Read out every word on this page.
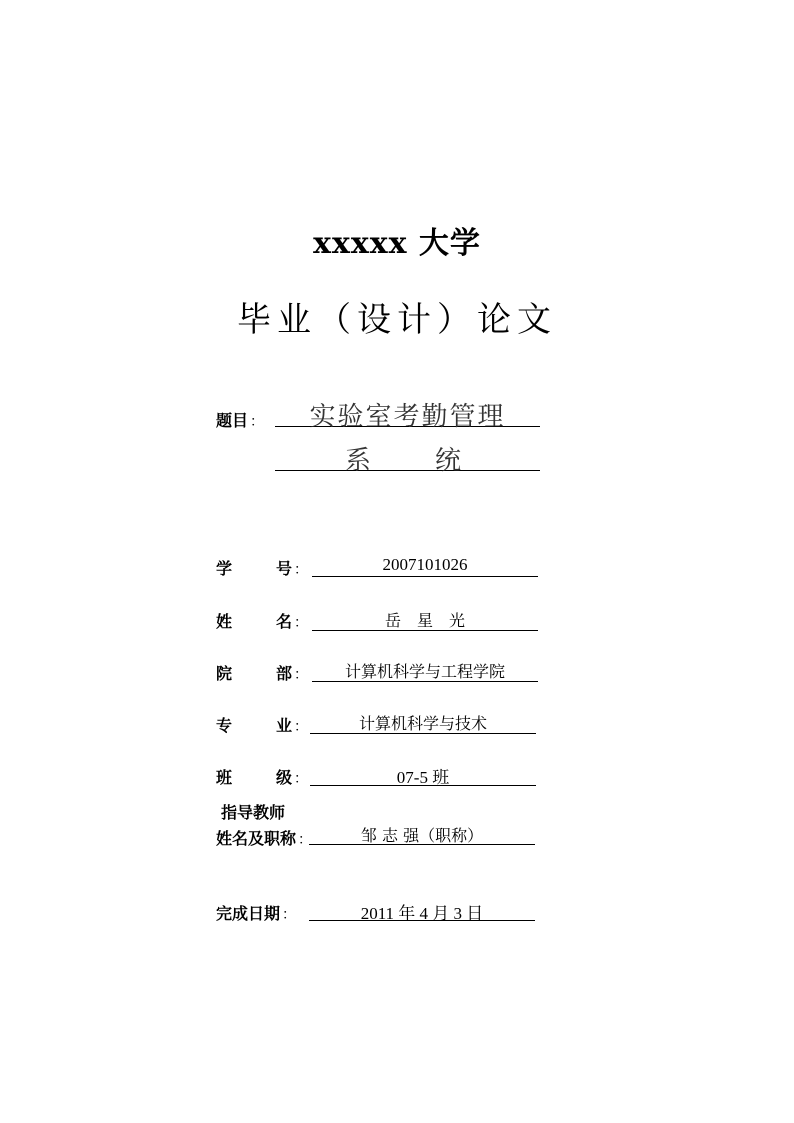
xxxxx 大学
毕业（设计）论文
题目 ：	实验室考勤管理
系 统
学	号 ：	2007101026
姓	名 ：	岳　星　光
院	部 ：	计算机科学与工程学院
专	业 ：	计算机科学与技术
班	级 ：	07-5 班
指导教师
姓名及职称 ：	邹 志 强（职称）
完成日期 ：	2011 年 4 月 3 日
